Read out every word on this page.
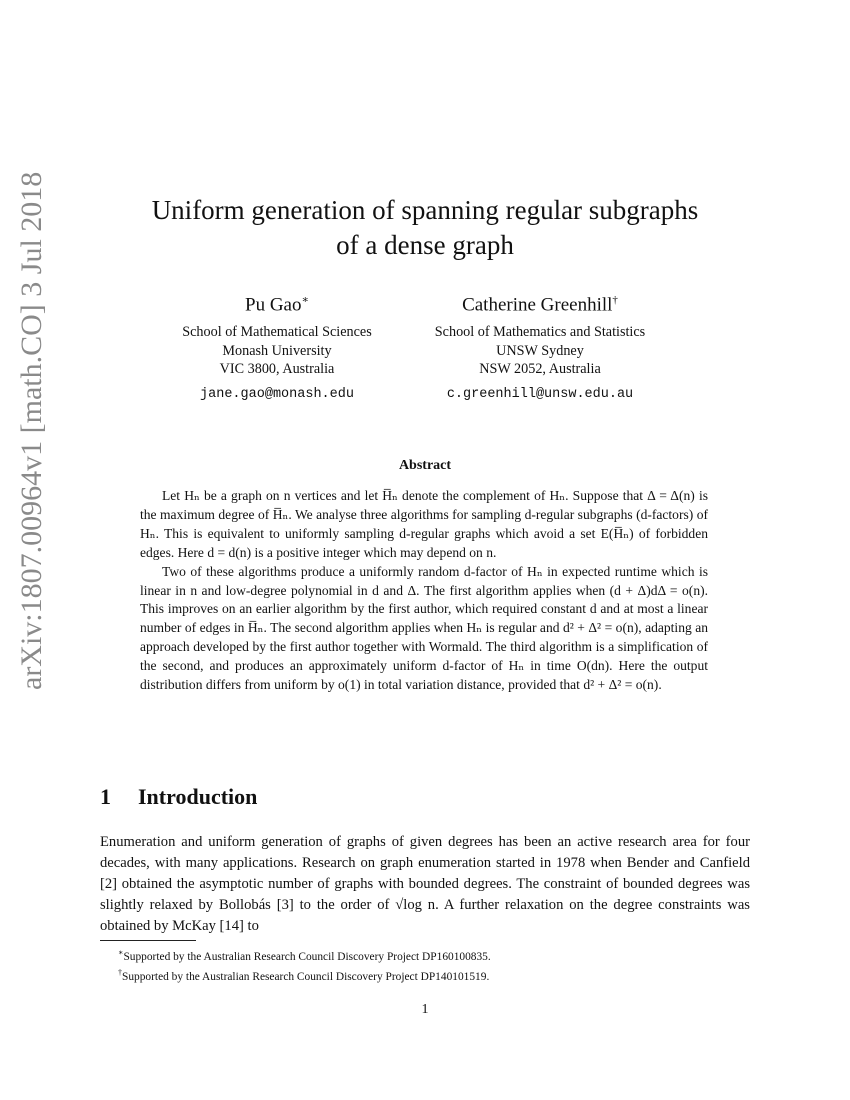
arXiv:1807.00964v1 [math.CO] 3 Jul 2018	Uniform generation of spanning regular subgraphs
of a dense graph
Pu Gao∗
School of Mathematical Sciences
Monash University
VIC 3800, Australia
jane.gao@monash.edu
Catherine Greenhill†
School of Mathematics and Statistics
UNSW Sydney
NSW 2052, Australia
c.greenhill@unsw.edu.au
Abstract

Let Hₙ be a graph on n vertices and let H̅ₙ denote the complement of Hₙ. Suppose that Δ = Δ(n) is the maximum degree of H̅ₙ. We analyse three algorithms for sampling d-regular subgraphs (d-factors) of Hₙ. This is equivalent to uniformly sampling d-regular graphs which avoid a set E(H̅ₙ) of forbidden edges. Here d = d(n) is a positive integer which may depend on n.

Two of these algorithms produce a uniformly random d-factor of Hₙ in expected runtime which is linear in n and low-degree polynomial in d and Δ. The first algorithm applies when (d + Δ)dΔ = o(n). This improves on an earlier algorithm by the first author, which required constant d and at most a linear number of edges in H̅ₙ. The second algorithm applies when Hₙ is regular and d² + Δ² = o(n), adapting an approach developed by the first author together with Wormald. The third algorithm is a simplification of the second, and produces an approximately uniform d-factor of Hₙ in time O(dn). Here the output distribution differs from uniform by o(1) in total variation distance, provided that d² + Δ² = o(n).

1 Introduction

Enumeration and uniform generation of graphs of given degrees has been an active research area for four decades, with many applications. Research on graph enumeration started in 1978 when Bender and Canfield [2] obtained the asymptotic number of graphs with bounded degrees. The constraint of bounded degrees was slightly relaxed by Bollobás [3] to the order of √log n. A further relaxation on the degree constraints was obtained by McKay [14] to

∗Supported by the Australian Research Council Discovery Project DP160100835.
†Supported by the Australian Research Council Discovery Project DP140101519.
1
